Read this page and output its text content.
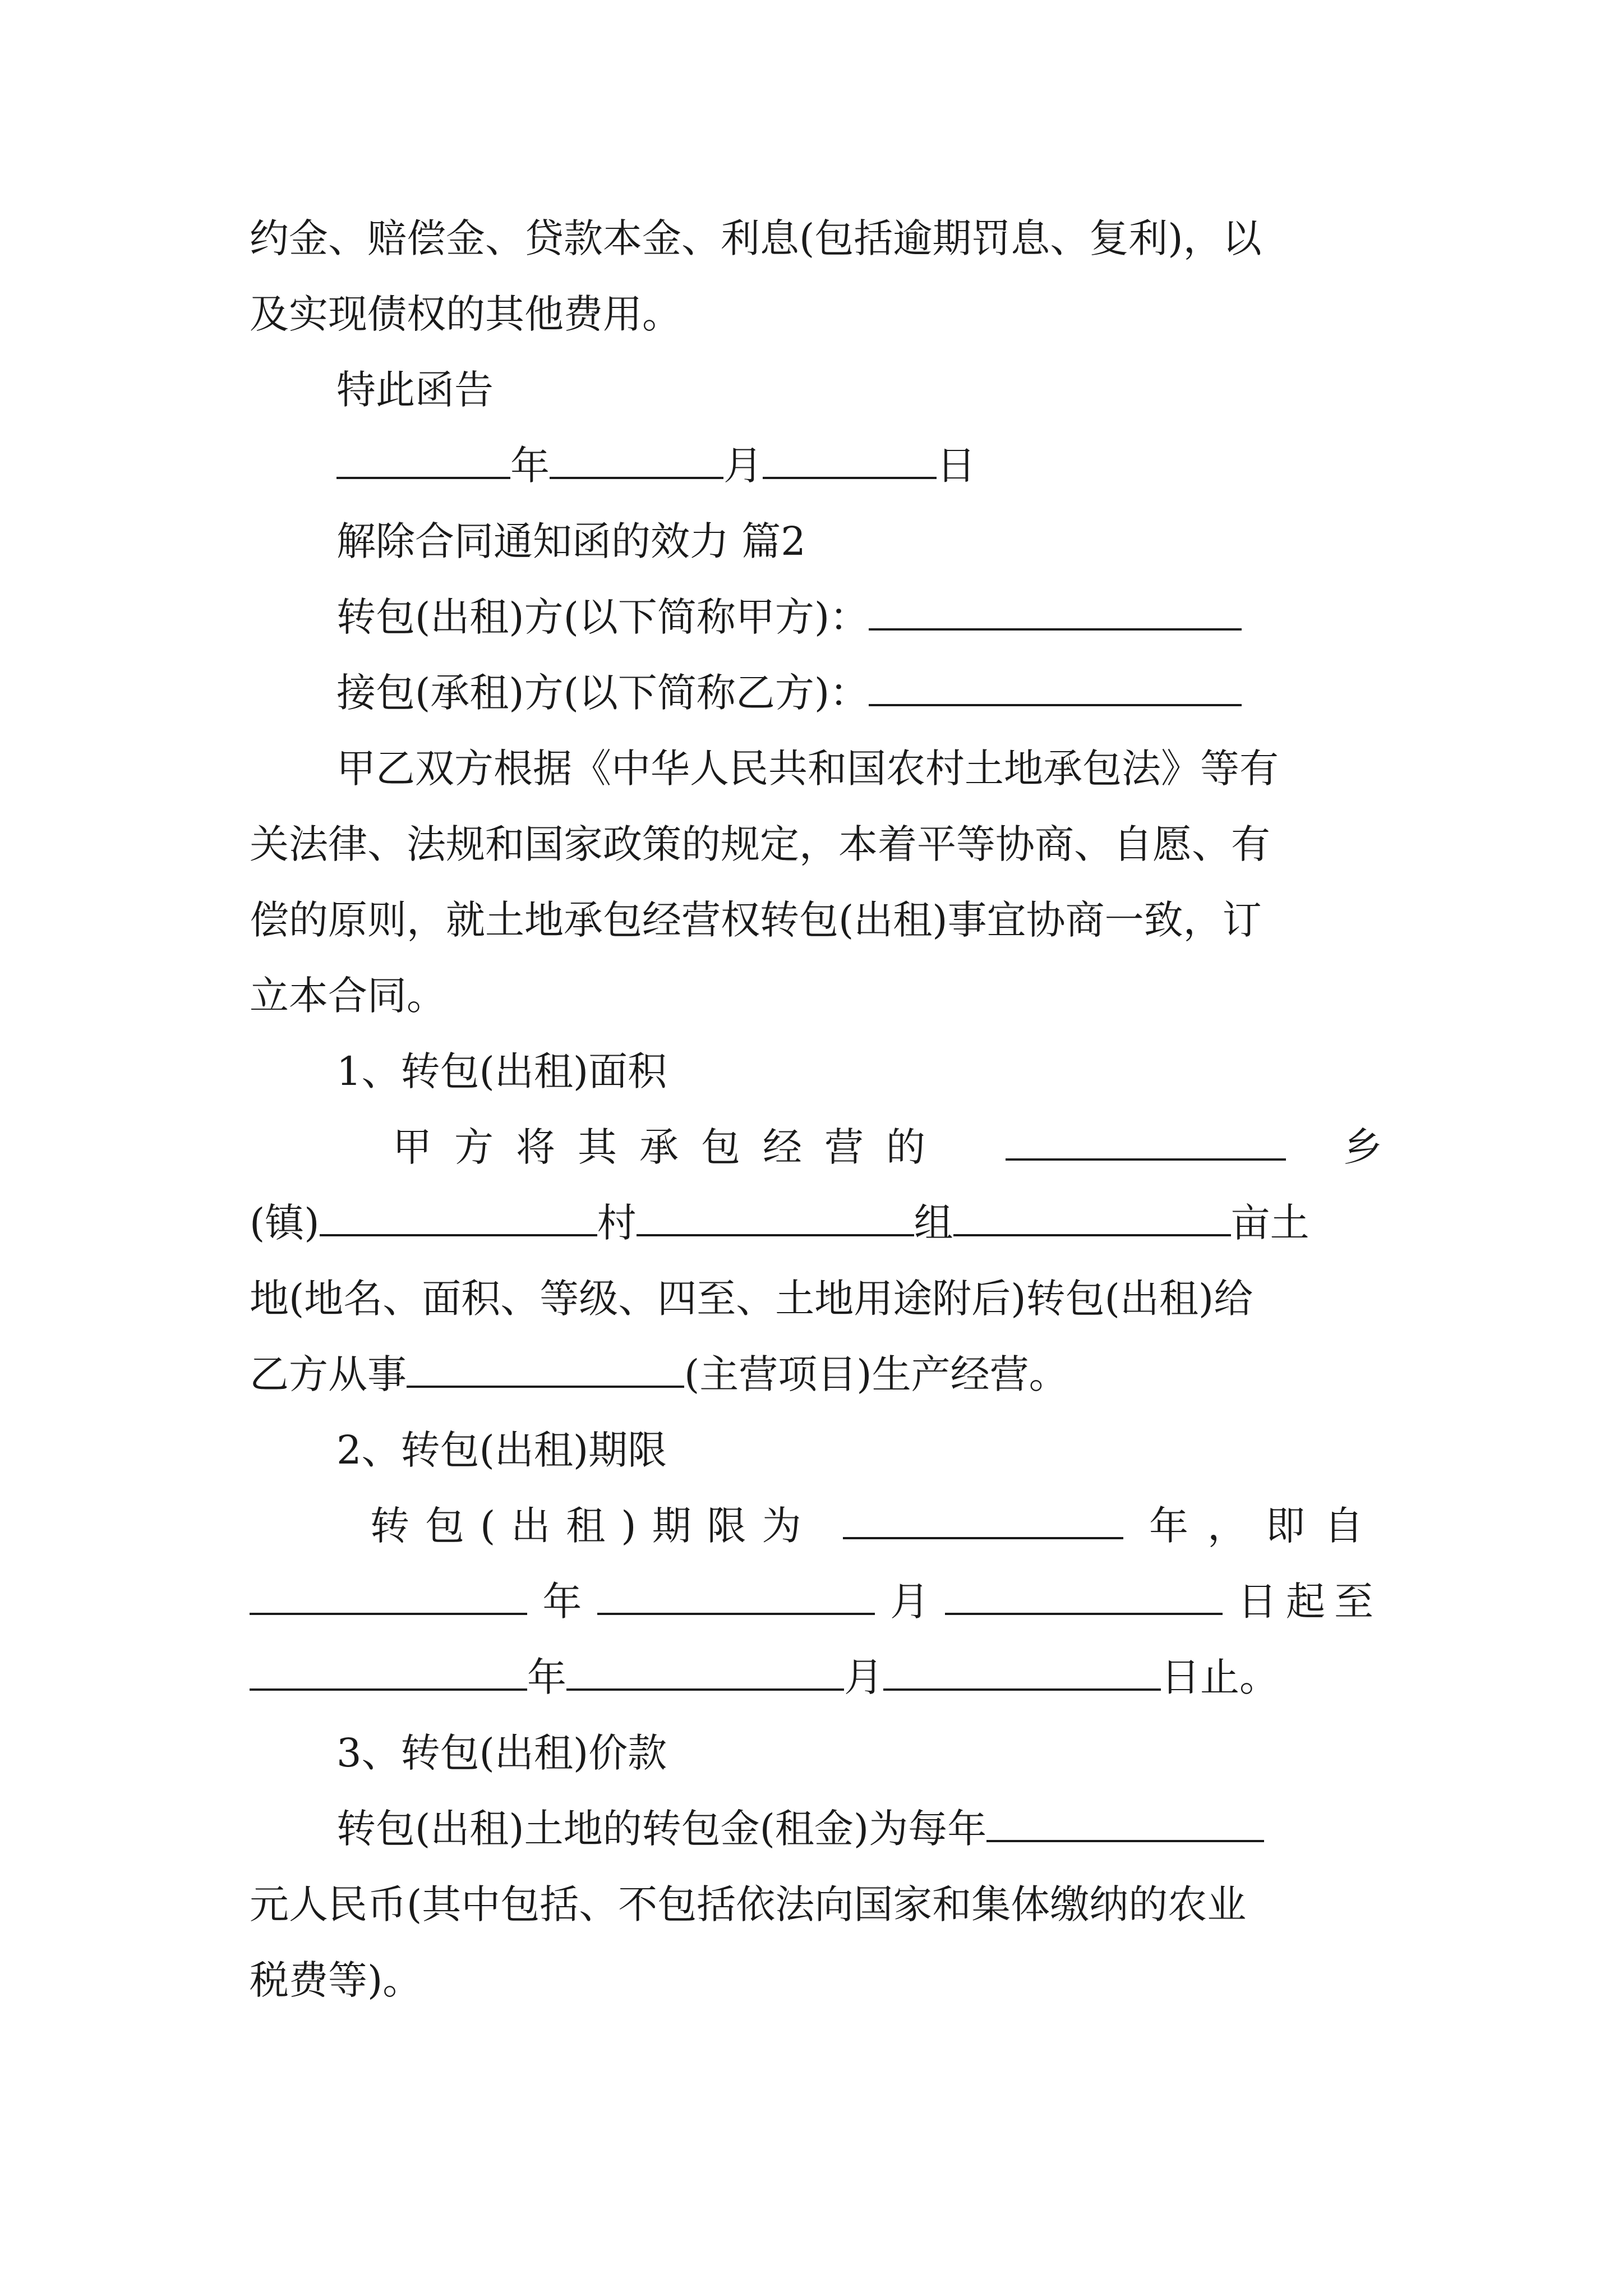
约金、赔偿金、贷款本金、利息(包括逾期罚息、复利)，以
及实现债权的其他费用。
特此函告
年	月	日
解除合同通知函的效力 篇2
转包(出租)方(以下简称甲方)：
接包(承租)方(以下简称乙方)：
甲乙双方根据《中华人民共和国农村土地承包法》等有
关法律、法规和国家政策的规定，本着平等协商、自愿、有
偿的原则，就土地承包经营权转包(出租)事宜协商一致，订
立本合同。
1、转包(出租)面积
甲方将其承包经营的	乡
(镇)	村	组	亩土
地(地名、面积、等级、四至、土地用途附后)转包(出租)给
乙方从事	(主营项目)生产经营。
2、转包(出租)期限
转包(出租)期限为	年，即自
年	月	日起至
年	月	日止。
3、转包(出租)价款
转包(出租)土地的转包金(租金)为每年
元人民币(其中包括、不包括依法向国家和集体缴纳的农业
税费等)。
